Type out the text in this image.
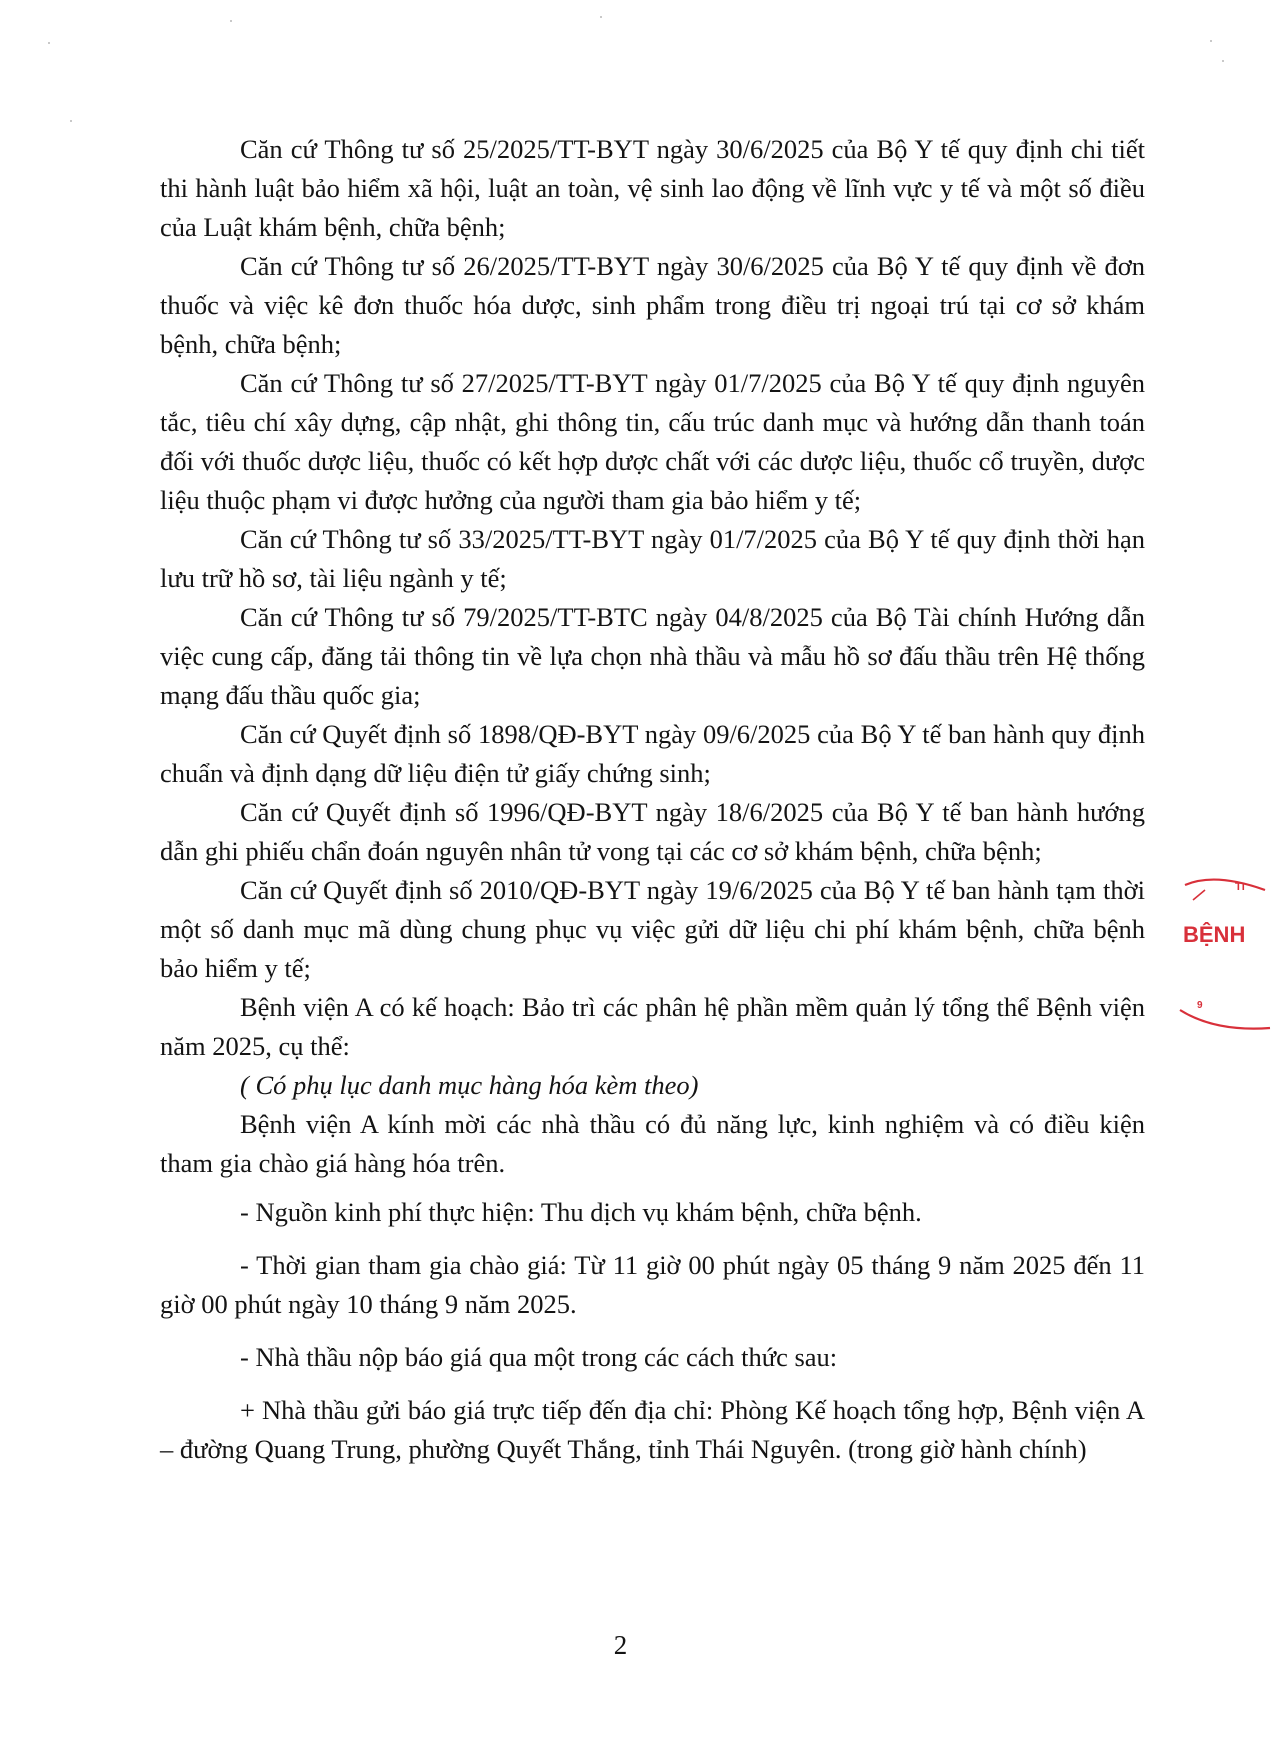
Căn cứ Thông tư số 25/2025/TT-BYT ngày 30/6/2025 của Bộ Y tế quy định chi tiết thi hành luật bảo hiểm xã hội, luật an toàn, vệ sinh lao động về lĩnh vực y tế và một số điều của Luật khám bệnh, chữa bệnh;

Căn cứ Thông tư số 26/2025/TT-BYT ngày 30/6/2025 của Bộ Y tế quy định về đơn thuốc và việc kê đơn thuốc hóa dược, sinh phẩm trong điều trị ngoại trú tại cơ sở khám bệnh, chữa bệnh;

Căn cứ Thông tư số 27/2025/TT-BYT ngày 01/7/2025 của Bộ Y tế quy định nguyên tắc, tiêu chí xây dựng, cập nhật, ghi thông tin, cấu trúc danh mục và hướng dẫn thanh toán đối với thuốc dược liệu, thuốc có kết hợp dược chất với các dược liệu, thuốc cổ truyền, dược liệu thuộc phạm vi được hưởng của người tham gia bảo hiểm y tế;

Căn cứ Thông tư số 33/2025/TT-BYT ngày 01/7/2025 của Bộ Y tế quy định thời hạn lưu trữ hồ sơ, tài liệu ngành y tế;

Căn cứ Thông tư số 79/2025/TT-BTC ngày 04/8/2025 của Bộ Tài chính Hướng dẫn việc cung cấp, đăng tải thông tin về lựa chọn nhà thầu và mẫu hồ sơ đấu thầu trên Hệ thống mạng đấu thầu quốc gia;

Căn cứ Quyết định số 1898/QĐ-BYT ngày 09/6/2025 của Bộ Y tế ban hành quy định chuẩn và định dạng dữ liệu điện tử giấy chứng sinh;

Căn cứ Quyết định số 1996/QĐ-BYT ngày 18/6/2025 của Bộ Y tế ban hành hướng dẫn ghi phiếu chẩn đoán nguyên nhân tử vong tại các cơ sở khám bệnh, chữa bệnh;

Căn cứ Quyết định số 2010/QĐ-BYT ngày 19/6/2025 của Bộ Y tế ban hành tạm thời một số danh mục mã dùng chung phục vụ việc gửi dữ liệu chi phí khám bệnh, chữa bệnh bảo hiểm y tế;

Bệnh viện A có kế hoạch: Bảo trì các phân hệ phần mềm quản lý tổng thể Bệnh viện năm 2025, cụ thể:

( Có phụ lục danh mục hàng hóa kèm theo)

Bệnh viện A kính mời các nhà thầu có đủ năng lực, kinh nghiệm và có điều kiện tham gia chào giá hàng hóa trên.

- Nguồn kinh phí thực hiện: Thu dịch vụ khám bệnh, chữa bệnh.

- Thời gian tham gia chào giá: Từ 11 giờ 00 phút ngày 05 tháng 9 năm 2025 đến 11 giờ 00 phút ngày 10 tháng 9 năm 2025.

- Nhà thầu nộp báo giá qua một trong các cách thức sau:

+ Nhà thầu gửi báo giá trực tiếp đến địa chỉ: Phòng Kế hoạch tổng hợp, Bệnh viện A – đường Quang Trung, phường Quyết Thắng, tỉnh Thái Nguyên. (trong giờ hành chính)

2
BỆNH
TI
9
